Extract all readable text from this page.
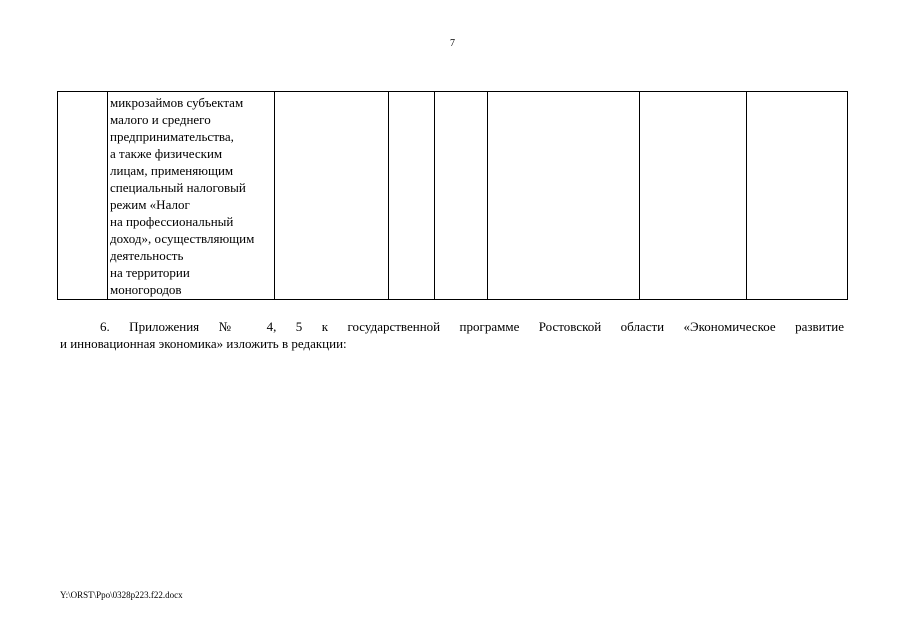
7

микрозаймов субъектам
малого и среднего
предпринимательства,
а также физическим
лицам, применяющим
специальный налоговый
режим «Налог
на профессиональный
доход», осуществляющим
деятельность
на территории
моногородов

6. Приложения № 4, 5 к государственной программе Ростовской области «Экономическое развитие
и инновационная экономика» изложить в редакции:
Y:\ORST\Ppo\0328p223.f22.docx
